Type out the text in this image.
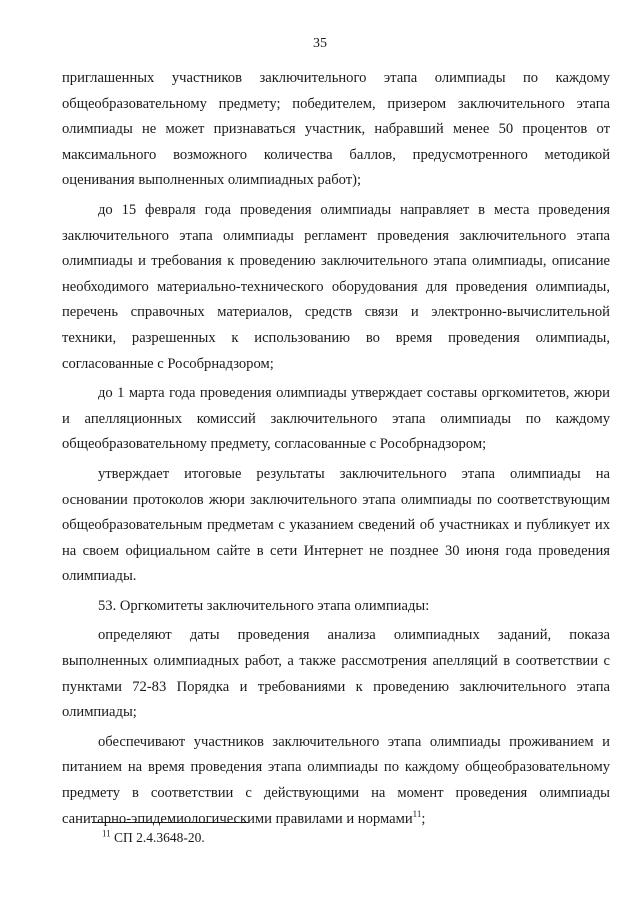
35

приглашенных участников заключительного этапа олимпиады по каждому общеобразовательному предмету; победителем, призером заключительного этапа олимпиады не может признаваться участник, набравший менее 50 процентов от максимального возможного количества баллов, предусмотренного методикой оценивания выполненных олимпиадных работ);

до 15 февраля года проведения олимпиады направляет в места проведения заключительного этапа олимпиады регламент проведения заключительного этапа олимпиады и требования к проведению заключительного этапа олимпиады, описание необходимого материально-технического оборудования для проведения олимпиады, перечень справочных материалов, средств связи и электронно-вычислительной техники, разрешенных к использованию во время проведения олимпиады, согласованные с Рособрнадзором;

до 1 марта года проведения олимпиады утверждает составы оргкомитетов, жюри и апелляционных комиссий заключительного этапа олимпиады по каждому общеобразовательному предмету, согласованные с Рособрнадзором;

утверждает итоговые результаты заключительного этапа олимпиады на основании протоколов жюри заключительного этапа олимпиады по соответствующим общеобразовательным предметам с указанием сведений об участниках и публикует их на своем официальном сайте в сети Интернет не позднее 30 июня года проведения олимпиады.

53. Оргкомитеты заключительного этапа олимпиады:

определяют даты проведения анализа олимпиадных заданий, показа выполненных олимпиадных работ, а также рассмотрения апелляций в соответствии с пунктами 72-83 Порядка и требованиями к проведению заключительного этапа олимпиады;

обеспечивают участников заключительного этапа олимпиады проживанием и питанием на время проведения этапа олимпиады по каждому общеобразовательному предмету в соответствии с действующими на момент проведения олимпиады санитарно-эпидемиологическими правилами и нормами$^{11}$;

$^{11}$ СП 2.4.3648-20.
